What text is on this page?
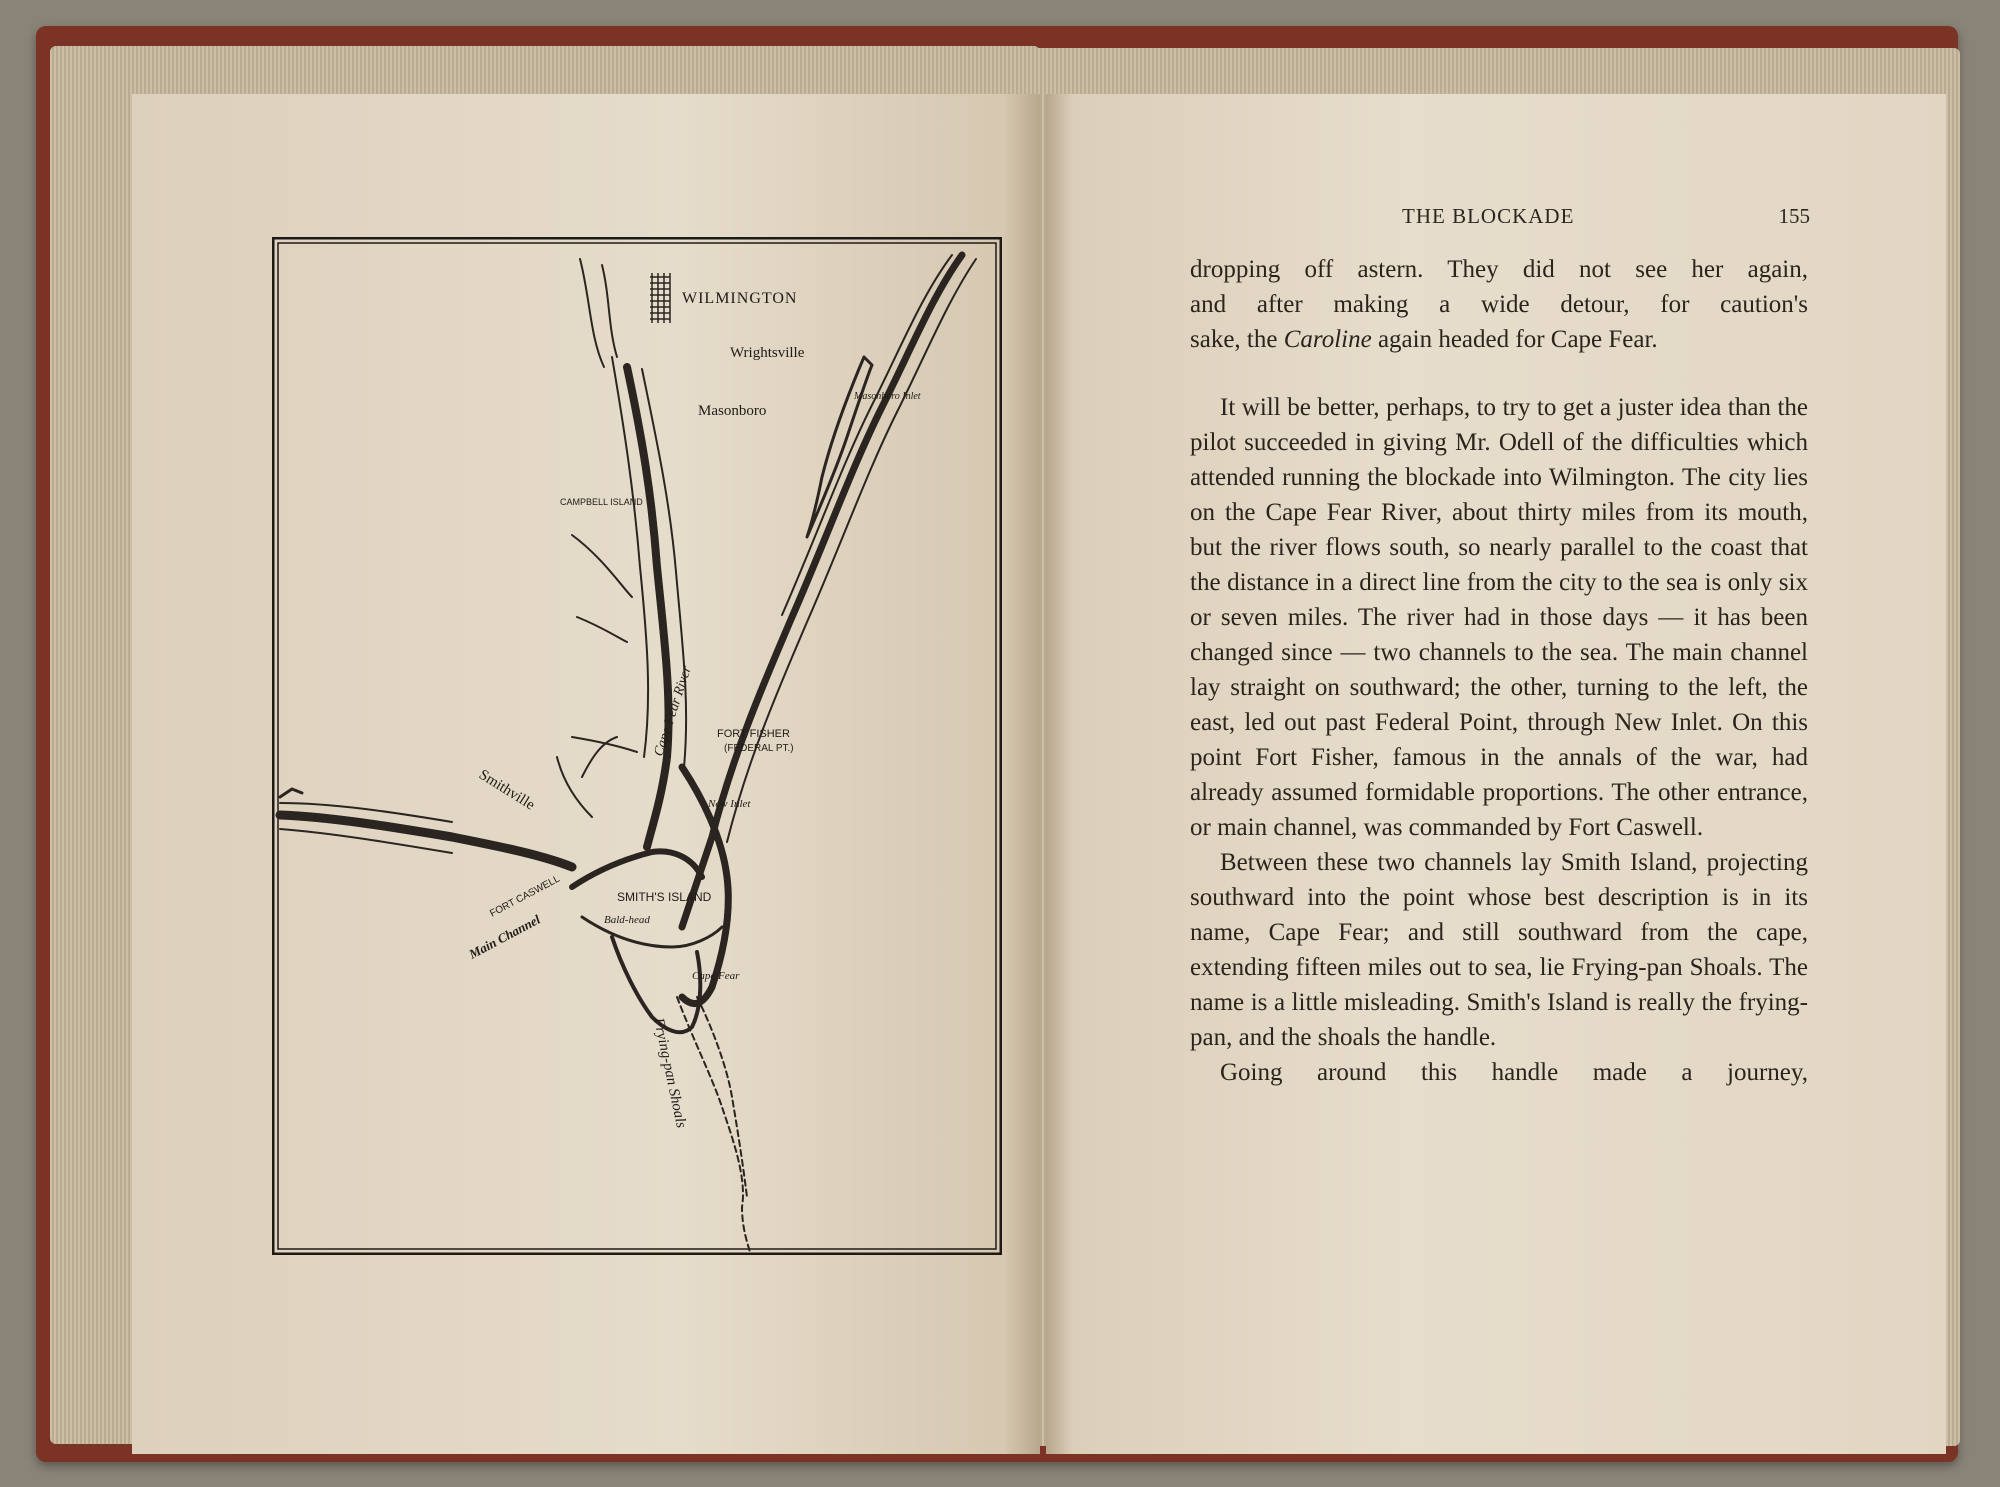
WILMINGTON
Wrightsville
Masonboro
Masonboro Inlet
CAMPBELL ISLAND
Cape Fear River FORT FISHER
(FEDERAL PT.)
New Inlet
Smithville
FORT CASWELL	SMITH'S ISLAND
Bald-head
Main Channel
Cape Fear
Frying-pan Shoals
THE BLOCKADE	155

dropping off astern. They did not see her again,

and after making a wide detour, for caution's

sake, the Caroline again headed for Cape Fear.

It will be better, perhaps, to try to get a juster idea than the pilot succeeded in giving Mr. Odell of the difficulties which attended running the blockade into Wilmington. The city lies on the Cape Fear River, about thirty miles from its mouth, but the river flows south, so nearly parallel to the coast that the distance in a direct line from the city to the sea is only six or seven miles. The river had in those days — it has been changed since — two channels to the sea. The main channel lay straight on southward; the other, turning to the left, the east, led out past Federal Point, through New Inlet. On this point Fort Fisher, famous in the annals of the war, had already assumed formidable proportions. The other entrance, or main channel, was commanded by Fort Caswell.

Between these two channels lay Smith Island, projecting southward into the point whose best description is in its name, Cape Fear; and still southward from the cape, extending fifteen miles out to sea, lie Frying-pan Shoals. The name is a little misleading. Smith's Island is really the frying-pan, and the shoals the handle.

Going around this handle made a journey,
